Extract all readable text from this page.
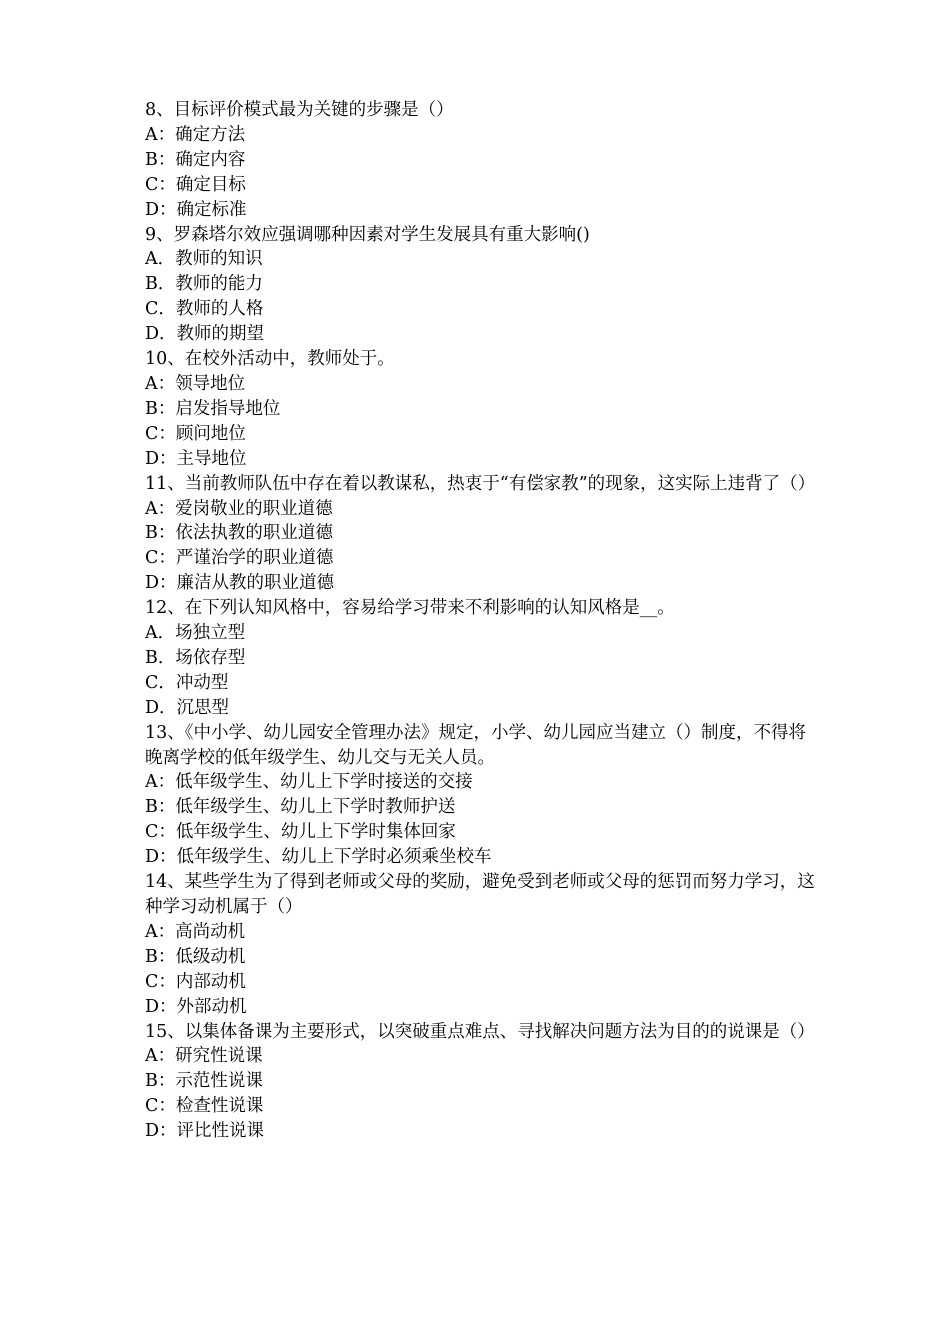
8、目标评价模式最为关键的步骤是（）
A：确定方法
B：确定内容
C：确定目标
D：确定标准
9、罗森塔尔效应强调哪种因素对学生发展具有重大影响()
A．教师的知识
B．教师的能力
C．教师的人格
D．教师的期望
10、在校外活动中，教师处于。
A：领导地位
B：启发指导地位
C：顾问地位
D：主导地位
11、当前教师队伍中存在着以教谋私，热衷于“有偿家教”的现象，这实际上违背了（）
A：爱岗敬业的职业道德
B：依法执教的职业道德
C：严谨治学的职业道德
D：廉洁从教的职业道德
12、在下列认知风格中，容易给学习带来不利影响的认知风格是__。
A．场独立型
B．场依存型
C．冲动型
D．沉思型
13、《中小学、幼儿园安全管理办法》规定，小学、幼儿园应当建立（）制度，不得将晚离学校的低年级学生、幼儿交与无关人员。
A：低年级学生、幼儿上下学时接送的交接
B：低年级学生、幼儿上下学时教师护送
C：低年级学生、幼儿上下学时集体回家
D：低年级学生、幼儿上下学时必须乘坐校车
14、某些学生为了得到老师或父母的奖励，避免受到老师或父母的惩罚而努力学习，这种学习动机属于（）
A：高尚动机
B：低级动机
C：内部动机
D：外部动机
15、以集体备课为主要形式，以突破重点难点、寻找解决问题方法为目的的说课是（）
A：研究性说课
B：示范性说课
C：检查性说课
D：评比性说课
